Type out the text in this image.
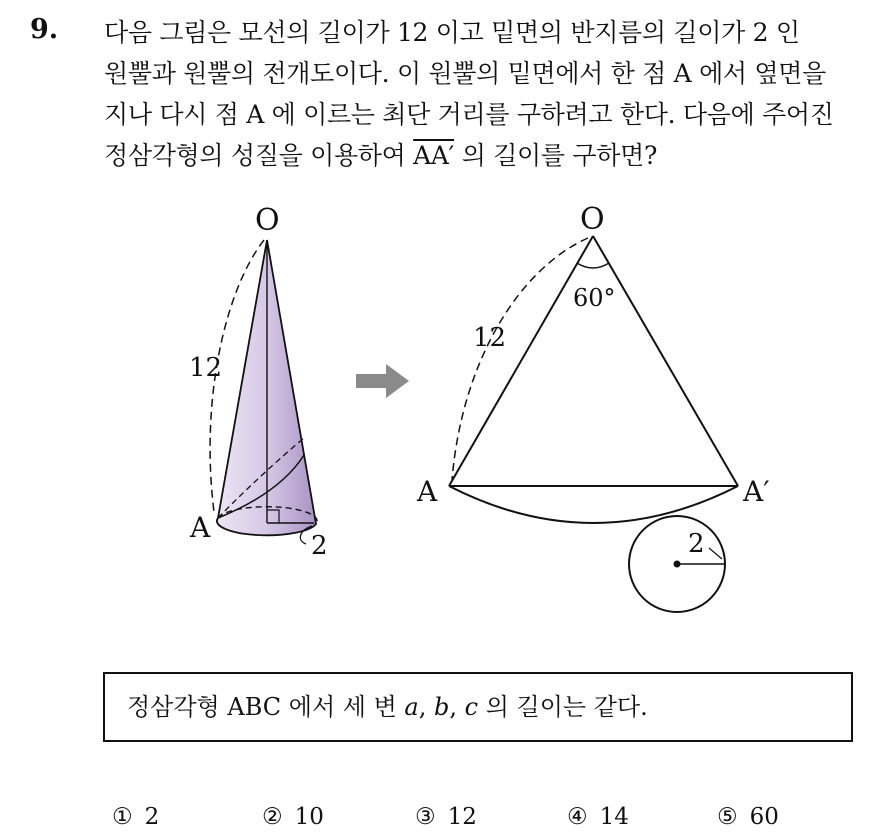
9. 다음 그림은 모선의 길이가 12 이고 밑면의 반지름의 길이가 2 인
원뿔과 원뿔의 전개도이다. 이 원뿔의 밑면에서 한 점 A 에서 옆면을
지나 다시 점 A 에 이르는 최단 거리를 구하려고 한다. 다음에 주어진
정삼각형의 성질을 이용하여 AA′ 의 길이를 구하면?
O
12
A
2
O
60°
12
A	A′
2
정삼각형 ABC 에서 세 변 a, b, c 의 길이는 같다.
① 2	② 10	③ 12	④ 14	⑤ 60
